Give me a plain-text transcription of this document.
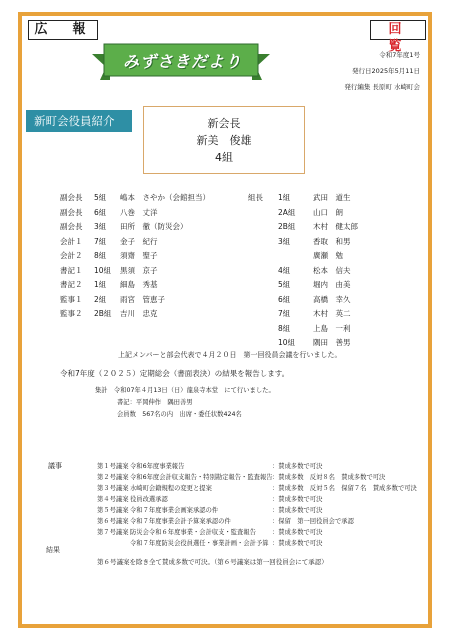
広　報	回　覧
みずさきだより	令和7年度1号
発行日2025年5月11日
発行編集 長原町 水崎町会
新町会役員紹介	新会長
新美　俊雄
4組
副会長 5組 嶋本　さやか（会館担当）
副会長 6組 八巻　丈洋
副会長 3組 田所　徹（防災会）
会計１ 7組 金子　紀行
会計２ 8組 須齋　聖子
書記１ 10組 黒須　京子
書記２ 1組 細島　秀基
監事１ 2組 雨宮　管恵子
監事２ 2B組 吉川　忠克
組長 1組	武田　道生
2A組 山口　朗
2B組 木村　健太郎
3組	香取　和男
廣瀬　勉
4組	松本　信夫
5組	堀内　由美
6組	高橋　幸久
7組	木村　英二
8組	上島　一利
10組 隅田　善男
上記メンバーと部会代表で４月２０日　第一回役員会議を行いました。
令和7年度（２０２５）定期総会（書面表決）の結果を報告します。
集計　令和07年４月13日（日）龍泉寺本堂　にて行いました。
書記：平岡伸作　隅田善男
会員数　567名の内　出席・委任状数424名
議事	第１号議案 令和6年度事業報告	：賛成多数で可決
第２号議案 令和6年度会計収支報告・特別勘定報告・監査報告 ：賛成多数　反対８名　賛成多数で可決
第３号議案 水崎町会籍規程の変更と提案	：賛成多数　反対５名　保留７名　賛成多数で可決
第４号議案 役員改選承認	：賛成多数で可決
第５号議案 令和７年度事業会画案承認の件	：賛成多数で可決
第６号議案 令和７年度事業会計予算案承認の件	：保留　第一回役員会で承認
第７号議案 防災会令和６年度事業・会計収支・監査報告	：賛成多数で可決
令和７年度防災会役員選任・事業計画・会計予算 ：賛成多数で可決
結果
第６号議案を除き全て賛成多数で可決。（第６号議案は第一回役員会にて承認）
